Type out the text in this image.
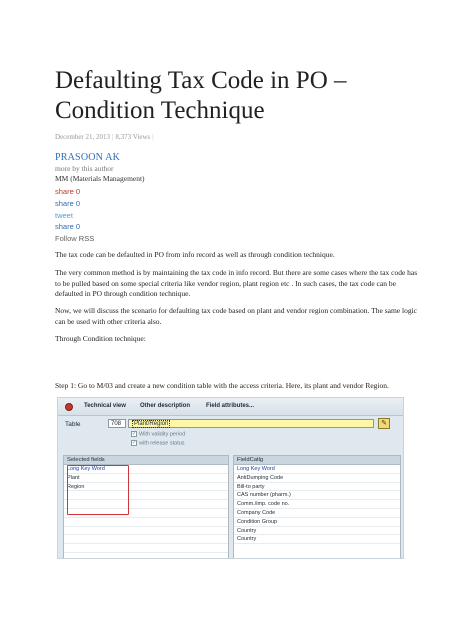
Defaulting Tax Code in PO – Condition Technique
December 21, 2013 | 8,373 Views |
PRASOON AK
more by this author
MM (Materials Management)
share 0
share 0
tweet
share 0
Follow RSS

The tax code can be defaulted in PO from info record as well as through condition technique.

The very common method is by maintaining the tax code in info record. But there are some cases where the tax code has to be pulled based on some special criteria like vendor region, plant region etc . In such cases, the tax code can be defaulted in PO through condition technique.

Now, we will discuss the scenario for defaulting tax code based on plant and vendor region combination. The same logic can be used with other criteria also.

Through Condition technique:

Step 1: Go to M/03 and create a new condition table with the access criteria. Here, its plant and vendor Region.

Technical view Other description	Field attributes...
Table	708	Plant/Region	✎
✓ With validity period
✓ with release status
Selected fields
Long Key Word
Plant
Region
FieldCatlg
Long Key Word
AntiDumping Code
Bill-to party
CAS number (pharm.)
Comm./imp. code no.
Company Code
Condition Group
Country
Country
